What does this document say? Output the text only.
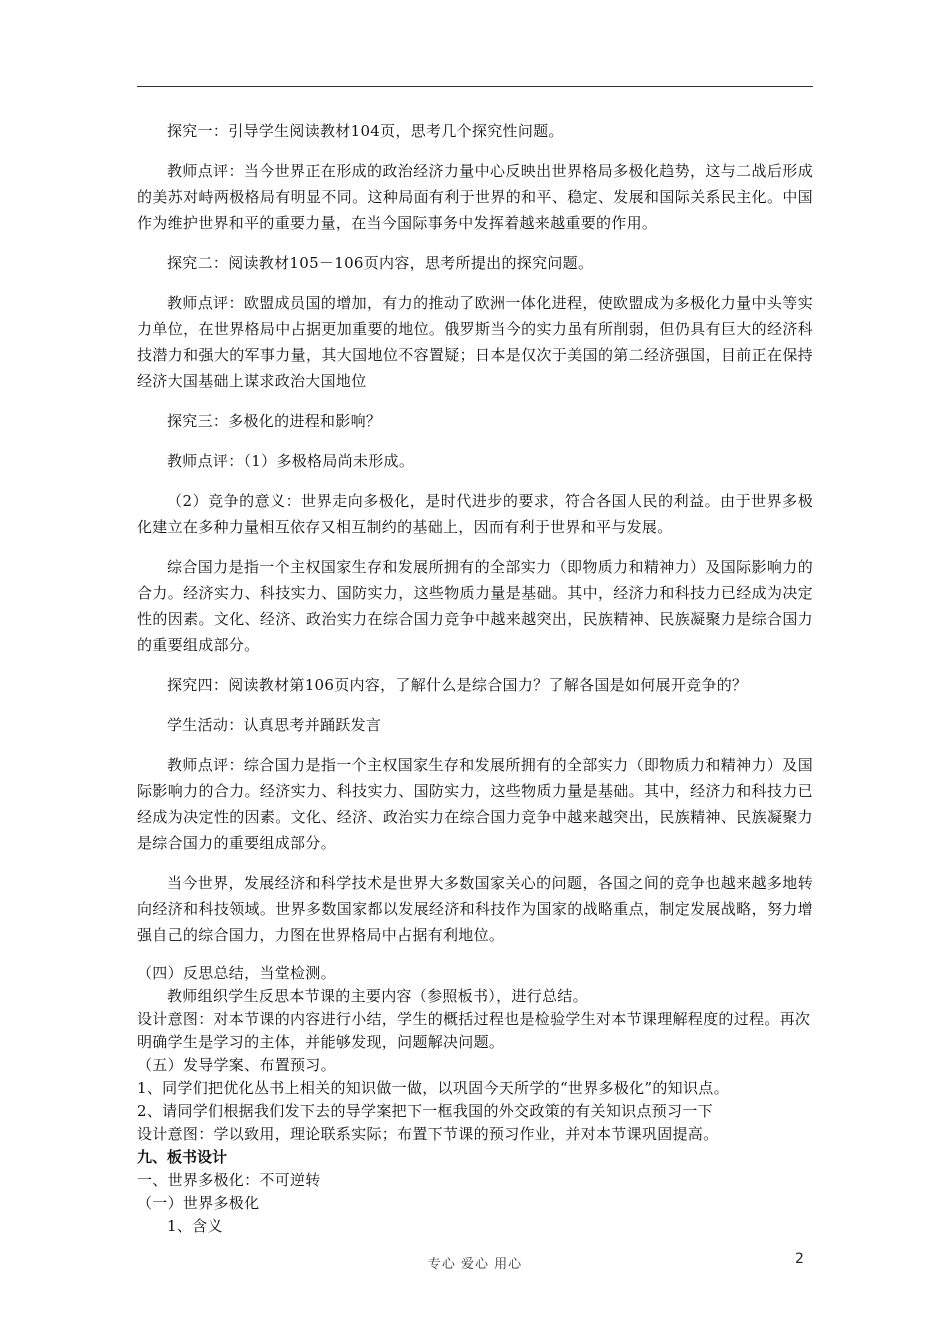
探究一：引导学生阅读教材104页，思考几个探究性问题。

教师点评：当今世界正在形成的政治经济力量中心反映出世界格局多极化趋势，这与二战后形成的美苏对峙两极格局有明显不同。这种局面有利于世界的和平、稳定、发展和国际关系民主化。中国作为维护世界和平的重要力量，在当今国际事务中发挥着越来越重要的作用。

探究二：阅读教材105－106页内容，思考所提出的探究问题。

教师点评：欧盟成员国的增加，有力的推动了欧洲一体化进程，使欧盟成为多极化力量中头等实力单位，在世界格局中占据更加重要的地位。俄罗斯当今的实力虽有所削弱，但仍具有巨大的经济科技潜力和强大的军事力量，其大国地位不容置疑；日本是仅次于美国的第二经济强国，目前正在保持经济大国基础上谋求政治大国地位

探究三：多极化的进程和影响？

教师点评：（1）多极格局尚未形成。

（2）竞争的意义：世界走向多极化，是时代进步的要求，符合各国人民的利益。由于世界多极化建立在多种力量相互依存又相互制约的基础上，因而有利于世界和平与发展。

综合国力是指一个主权国家生存和发展所拥有的全部实力（即物质力和精神力）及国际影响力的合力。经济实力、科技实力、国防实力，这些物质力量是基础。其中，经济力和科技力已经成为决定性的因素。文化、经济、政治实力在综合国力竞争中越来越突出，民族精神、民族凝聚力是综合国力的重要组成部分。

探究四：阅读教材第106页内容，了解什么是综合国力？了解各国是如何展开竞争的？

学生活动：认真思考并踊跃发言

教师点评：综合国力是指一个主权国家生存和发展所拥有的全部实力（即物质力和精神力）及国际影响力的合力。经济实力、科技实力、国防实力，这些物质力量是基础。其中，经济力和科技力已经成为决定性的因素。文化、经济、政治实力在综合国力竞争中越来越突出，民族精神、民族凝聚力是综合国力的重要组成部分。

当今世界，发展经济和科学技术是世界大多数国家关心的问题，各国之间的竞争也越来越多地转向经济和科技领域。世界多数国家都以发展经济和科技作为国家的战略重点，制定发展战略，努力增强自己的综合国力，力图在世界格局中占据有利地位。

（四）反思总结，当堂检测。
教师组织学生反思本节课的主要内容（参照板书），进行总结。
设计意图：对本节课的内容进行小结，学生的概括过程也是检验学生对本节课理解程度的过程。再次明确学生是学习的主体，并能够发现，问题解决问题。
（五）发导学案、布置预习。
1、同学们把优化丛书上相关的知识做一做，以巩固今天所学的“世界多极化”的知识点。
2、请同学们根据我们发下去的导学案把下一框我国的外交政策的有关知识点预习一下
设计意图：学以致用，理论联系实际；布置下节课的预习作业，并对本节课巩固提高。
九、板书设计
一、世界多极化：不可逆转
（一）世界多极化
1、含义
专心 爱心 用心	2
